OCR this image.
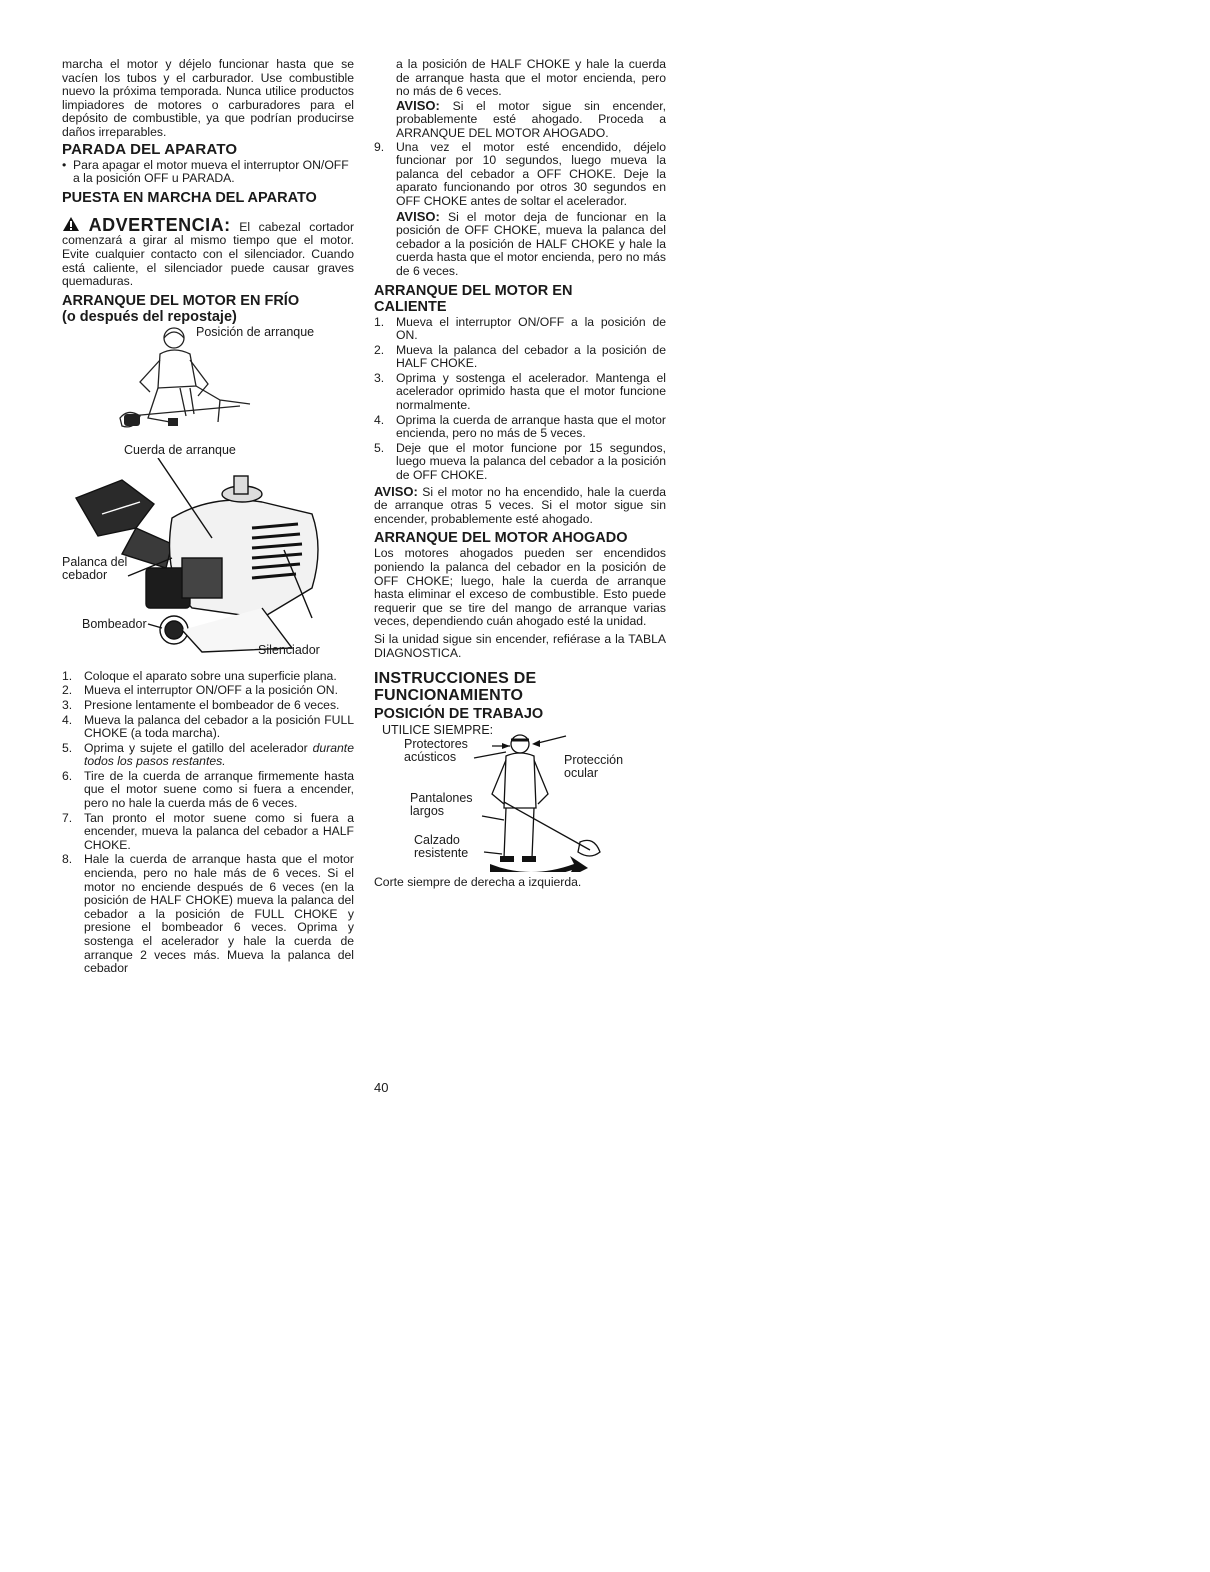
marcha el motor y déjelo funcionar hasta que se vacíen los tubos y el carburador. Use combustible nuevo la próxima temporada. Nunca utilice productos limpiadores de motores o carburadores para el depósito de combustible, ya que podrían producirse daños irreparables.

PARADA DEL APARATO
• Para apagar el motor mueva el interruptor ON/OFF a la posición OFF u PARADA.
PUESTA EN MARCHA DEL APARATO

ADVERTENCIA: El cabezal cortador comenzará a girar al mismo tiempo que el motor. Evite cualquier contacto con el silenciador. Cuando está caliente, el silenciador puede causar graves quemaduras.

ARRANQUE DEL MOTOR EN FRÍO
(o después del repostaje)
Posición de arranque
Cuerda de arranque
Palanca del
cebador
Bombeador
Silenciador
1. Coloque el aparato sobre una superficie plana.
2. Mueva el interruptor ON/OFF a la posición ON.
3. Presione lentamente el bombeador de 6 veces.
4. Mueva la palanca del cebador a la posición FULL CHOKE (a toda marcha).
5. Oprima y sujete el gatillo del acelerador durante todos los pasos restantes.
6. Tire de la cuerda de arranque firmemente hasta que el motor suene como si fuera a encender, pero no hale la cuerda más de 6 veces.
7. Tan pronto el motor suene como si fuera a encender, mueva la palanca del cebador a HALF CHOKE.
8. Hale la cuerda de arranque hasta que el motor encienda, pero no hale más de 6 veces. Si el motor no enciende después de 6 veces (en la posición de HALF CHOKE) mueva la palanca del cebador a la posición de FULL CHOKE y presione el bombeador 6 veces. Oprima y sostenga el acelerador y hale la cuerda de arranque 2 veces más. Mueva la palanca del cebador

a la posición de HALF CHOKE y hale la cuerda de arranque hasta que el motor encienda, pero no más de 6 veces.

AVISO: Si el motor sigue sin encender, probablemente esté ahogado. Proceda a ARRANQUE DEL MOTOR AHOGADO.

9. Una vez el motor esté encendido, déjelo funcionar por 10 segundos, luego mueva la palanca del cebador a OFF CHOKE. Deje la aparato funcionando por otros 30 segundos en OFF CHOKE antes de soltar el acelerador.

AVISO: Si el motor deja de funcionar en la posición de OFF CHOKE, mueva la palanca del cebador a la posición de HALF CHOKE y hale la cuerda hasta que el motor encienda, pero no más de 6 veces.

ARRANQUE DEL MOTOR EN
CALIENTE
1. Mueva el interruptor ON/OFF a la posición de ON.
2. Mueva la palanca del cebador a la posición de HALF CHOKE.
3. Oprima y sostenga el acelerador. Mantenga el acelerador oprimido hasta que el motor funcione normalmente.
4. Oprima la cuerda de arranque hasta que el motor encienda, pero no más de 5 veces.
5. Deje que el motor funcione por 15 segundos, luego mueva la palanca del cebador a la posición de OFF CHOKE.

AVISO: Si el motor no ha encendido, hale la cuerda de arranque otras 5 veces. Si el motor sigue sin encender, probablemente esté ahogado.

ARRANQUE DEL MOTOR AHOGADO

Los motores ahogados pueden ser encendidos poniendo la palanca del cebador en la posición de OFF CHOKE; luego, hale la cuerda de arranque hasta eliminar el exceso de combustible. Esto puede requerir que se tire del mango de arranque varias veces, dependiendo cuán ahogado esté la unidad.

Si la unidad sigue sin encender, refiérase a la TABLA DIAGNOSTICA.

INSTRUCCIONES DE
FUNCIONAMIENTO
POSICIÓN DE TRABAJO
UTILICE SIEMPRE:
Protectores
acústicos	Protección
ocular
Pantalones
largos
Calzado
resistente

Corte siempre de derecha a izquierda.

40
